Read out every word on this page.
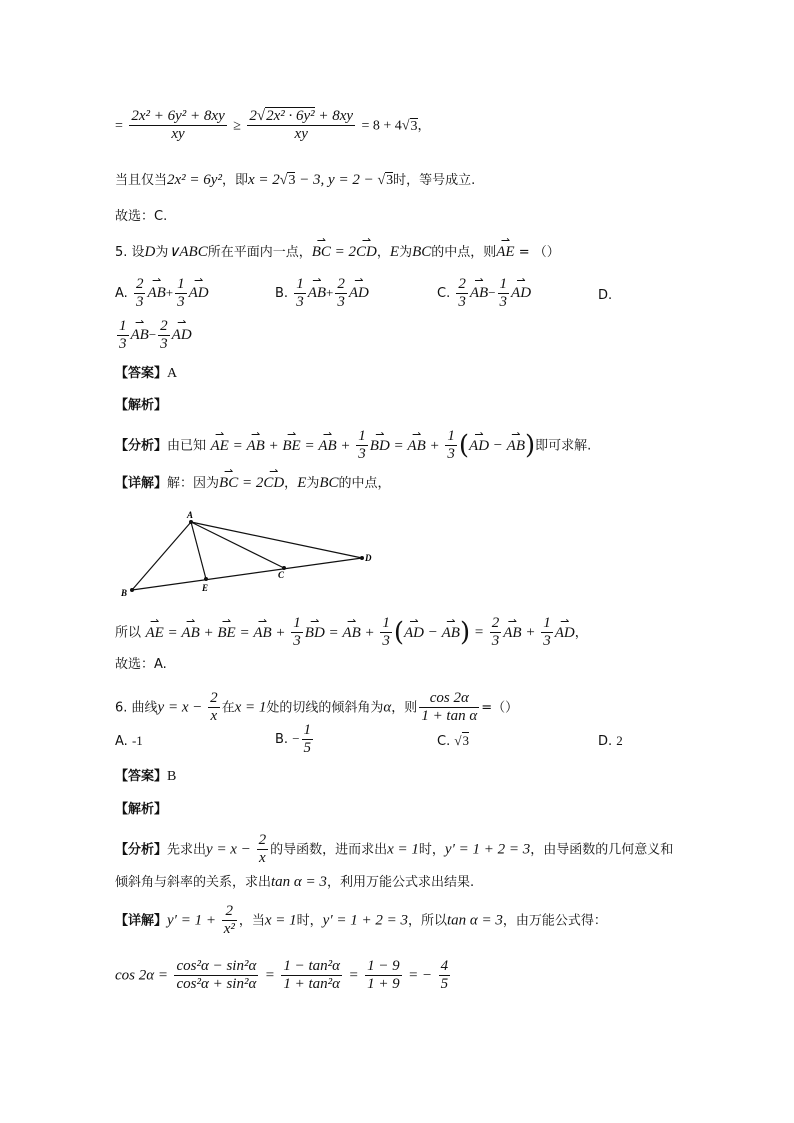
= $\frac{\text{2x² + 6y² + 8xy}}{xy} \ge \frac{\text{2√2x² · 6y² + 8xy}}{xy} = 8 + 4√3$，
当且仅当2x² = 6y²，即x = 2√3 − 3, y = 2 − √3时，等号成立.
故选：C.
5. 设D为∨ABC所在平面内一点，⇀ BC = 2⇀ CD，E为BC的中点，则⇀ AE = （）
A. $\frac{2}{3}$ ⇀ $AB+ \frac{1}{3}$ ⇀ AD	B. $\frac{1}{3}$ ⇀ $AB+ \frac{2}{3}$ ⇀ AD	C. $\frac{2}{3}$ ⇀ $AB- \frac{1}{3}$ ⇀ AD	D.
$\frac{1}{3}$ ⇀ $AB- \frac{2}{3}$ ⇀ AD
【答案】A
【解析】
【分析】由已知 ⇀ AE = ⇀ AB + ⇀ BE = ⇀ AB + $\frac{1}{3}$ ⇀ BD = ⇀ AB + $\frac{1}{3}$ (⇀ AD − ⇀ AB)即可求解.
【详解】解：因为⇀ BC = 2⇀ CD，E为BC的中点，
A
B	E
C
D
所以 ⇀ AE = ⇀ AB + ⇀ BE = ⇀ AB + $\frac{1}{3}$ ⇀ BD = ⇀ AB + $\frac{1}{3}$ (⇀ AD − ⇀ $AB) = \frac{2}{3}$ ⇀ AB + $\frac{1}{3}$ ⇀ AD，
故选：A.
6. 曲线$y = x - \frac{2}{x}$ 在x = 1处的切线的倾斜角为α，则 $\frac{\cos 2\alpha}{\text{1 + tan α}}$ =（）
A. -1	B. − $\frac{1}{5}$	C. √3	D. 2
【答案】B
【解析】
【分析】先求出$y = x - \frac{2}{x}$ 的导函数，进而求出x = 1时，y′ = 1 + 2 = 3，由导函数的几何意义和
倾斜角与斜率的关系，求出tan α = 3，利用万能公式求出结果.
【详解】$y' = 1 + \frac{2}{\text{x²}}$ ，当x = 1时，y′ = 1 + 2 = 3，所以tan α = 3，由万能公式得：
$\cos 2\alpha = \frac{\text{cos²α − sin²α}}{\text{cos²α + sin²α}} = \frac{\text{1 − tan²α}}{\text{1 + tan²α}} = \frac{1 - 9}{1 + 9}$ = − $\frac{4}{5}$
